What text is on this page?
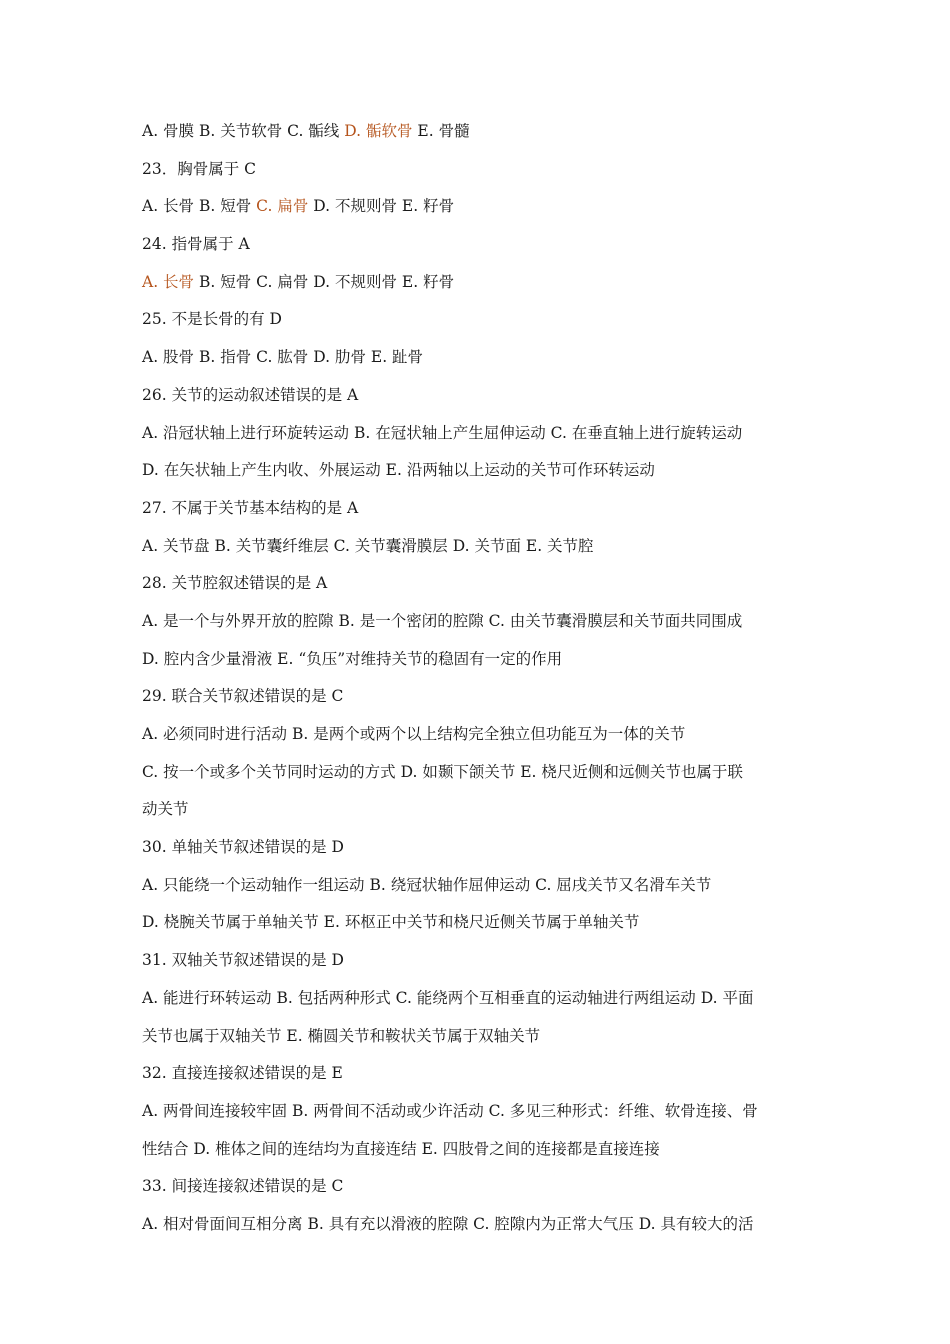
A. 骨膜 B. 关节软骨 C. 骺线 D. 骺软骨 E. 骨髓
23．胸骨属于 C
A. 长骨 B. 短骨 C. 扁骨 D. 不规则骨 E. 籽骨
24. 指骨属于 A
A. 长骨 B. 短骨 C. 扁骨 D. 不规则骨 E. 籽骨
25. 不是长骨的有 D
A. 股骨 B. 指骨 C. 肱骨 D. 肋骨 E. 趾骨
26. 关节的运动叙述错误的是 A
A. 沿冠状轴上进行环旋转运动 B. 在冠状轴上产生屈伸运动 C. 在垂直轴上进行旋转运动
D. 在矢状轴上产生内收、外展运动 E. 沿两轴以上运动的关节可作环转运动
27. 不属于关节基本结构的是 A
A. 关节盘 B. 关节囊纤维层 C. 关节囊滑膜层 D. 关节面 E. 关节腔
28. 关节腔叙述错误的是 A
A. 是一个与外界开放的腔隙 B. 是一个密闭的腔隙 C. 由关节囊滑膜层和关节面共同围成
D. 腔内含少量滑液 E. “负压”对维持关节的稳固有一定的作用
29. 联合关节叙述错误的是 C
A. 必须同时进行活动 B. 是两个或两个以上结构完全独立但功能互为一体的关节
C. 按一个或多个关节同时运动的方式 D. 如颞下颌关节 E. 桡尺近侧和远侧关节也属于联
动关节
30. 单轴关节叙述错误的是 D
A. 只能绕一个运动轴作一组运动 B. 绕冠状轴作屈伸运动 C. 屈戌关节又名滑车关节
D. 桡腕关节属于单轴关节 E. 环枢正中关节和桡尺近侧关节属于单轴关节
31. 双轴关节叙述错误的是 D
A. 能进行环转运动 B. 包括两种形式 C. 能绕两个互相垂直的运动轴进行两组运动 D. 平面
关节也属于双轴关节 E. 椭圆关节和鞍状关节属于双轴关节
32. 直接连接叙述错误的是 E
A. 两骨间连接较牢固 B. 两骨间不活动或少许活动 C. 多见三种形式：纤维、软骨连接、骨
性结合 D. 椎体之间的连结均为直接连结 E. 四肢骨之间的连接都是直接连接
33. 间接连接叙述错误的是 C
A. 相对骨面间互相分离 B. 具有充以滑液的腔隙 C. 腔隙内为正常大气压 D. 具有较大的活
